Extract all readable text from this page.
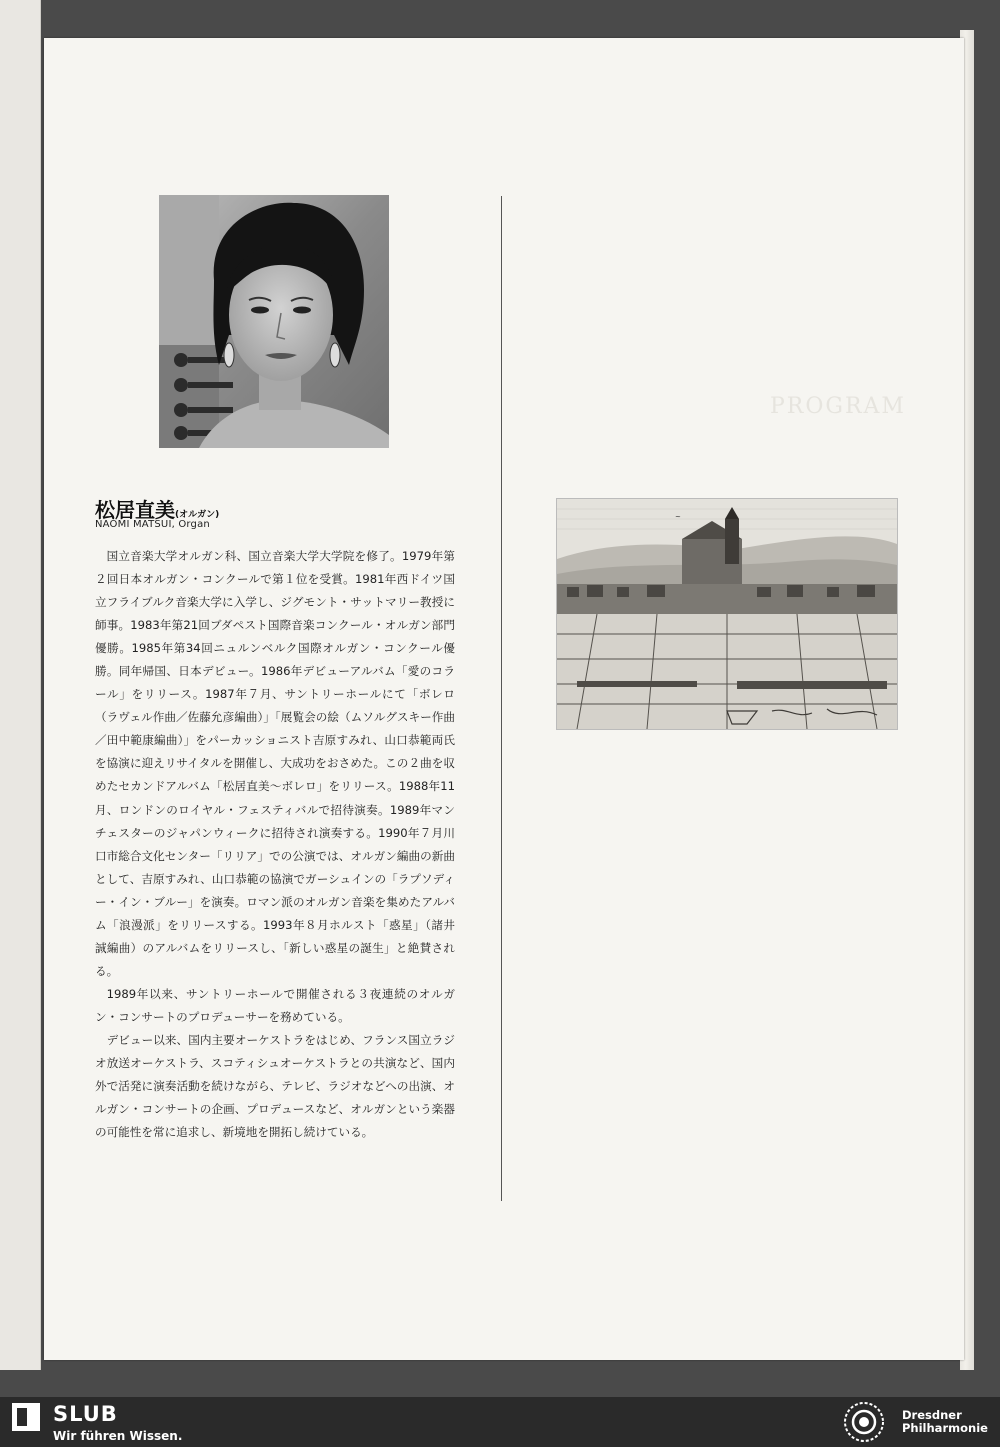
松居直美(オルガン)
NAOMI MATSUI, Organ

国立音楽大学オルガン科、国立音楽大学大学院を修了。1979年第２回日本オルガン・コンクールで第１位を受賞。1981年西ドイツ国立フライブルク音楽大学に入学し、ジグモント・サットマリー教授に師事。1983年第21回ブダペスト国際音楽コンクール・オルガン部門優勝。1985年第34回ニュルンベルク国際オルガン・コンクール優勝。同年帰国、日本デビュー。1986年デビューアルバム「愛のコラール」をリリース。1987年７月、サントリーホールにて「ボレロ（ラヴェル作曲／佐藤允彦編曲）」「展覧会の絵（ムソルグスキー作曲／田中範康編曲）」をパーカッショニスト吉原すみれ、山口恭範両氏を協演に迎えリサイタルを開催し、大成功をおさめた。この２曲を収めたセカンドアルバム「松居直美〜ボレロ」をリリース。1988年11月、ロンドンのロイヤル・フェスティバルで招待演奏。1989年マンチェスターのジャパンウィークに招待され演奏する。1990年７月川口市総合文化センター「リリア」での公演では、オルガン編曲の新曲として、吉原すみれ、山口恭範の協演でガーシュインの「ラプソディー・イン・ブルー」を演奏。ロマン派のオルガン音楽を集めたアルバム「浪漫派」をリリースする。1993年８月ホルスト「惑星」（諸井　誠編曲）のアルバムをリリースし、「新しい惑星の誕生」と絶賛される。

1989年以来、サントリーホールで開催される３夜連続のオルガン・コンサートのプロデューサーを務めている。

デビュー以来、国内主要オーケストラをはじめ、フランス国立ラジオ放送オーケストラ、スコティシュオーケストラとの共演など、国内外で活発に演奏活動を続けながら、テレビ、ラジオなどへの出演、オルガン・コンサートの企画、プロデュースなど、オルガンという楽器の可能性を常に追求し、新境地を開拓し続けている。

PROGRAM
~
SLUB
Wir führen Wissen.
Dresdner Philharmonie
